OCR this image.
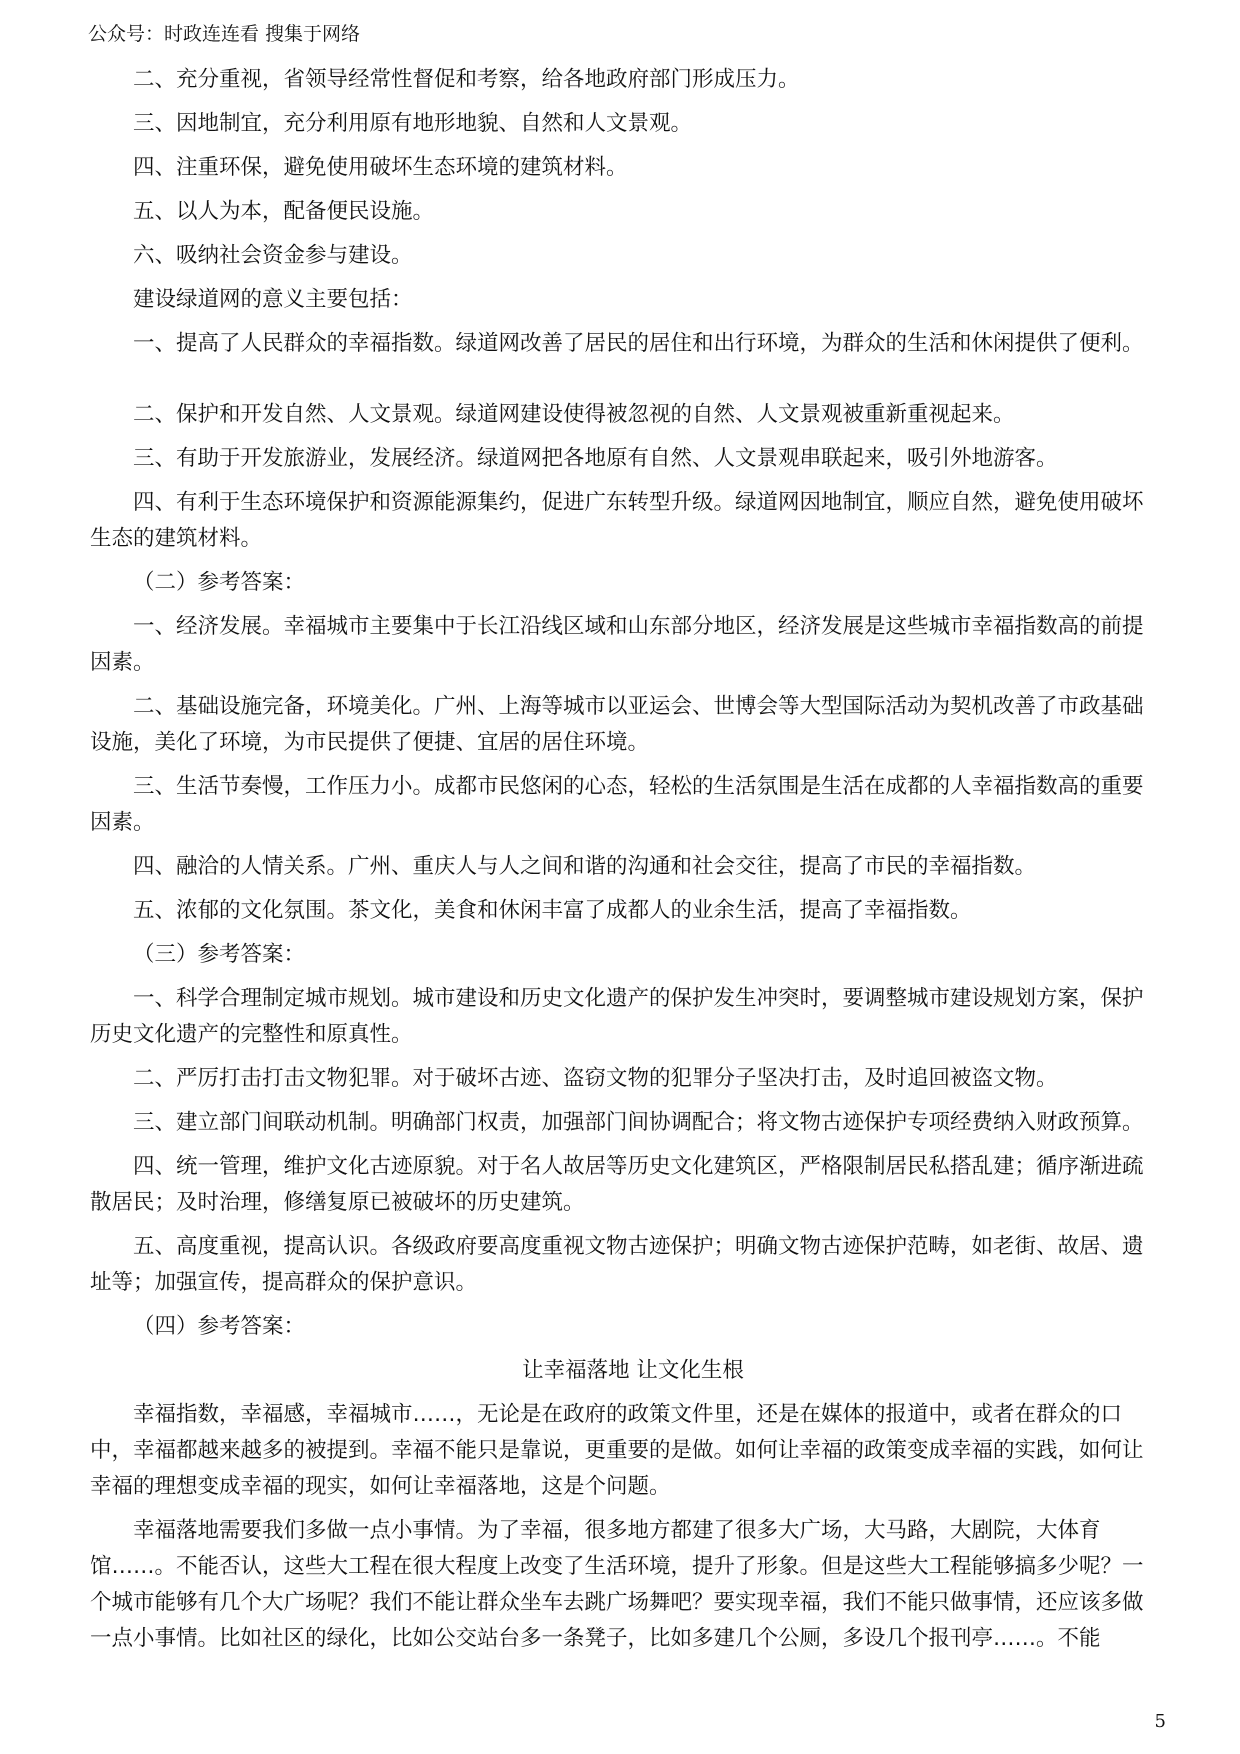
公众号：时政连连看 搜集于网络

二、充分重视，省领导经常性督促和考察，给各地政府部门形成压力。

三、因地制宜，充分利用原有地形地貌、自然和人文景观。

四、注重环保，避免使用破坏生态环境的建筑材料。

五、以人为本，配备便民设施。

六、吸纳社会资金参与建设。

建设绿道网的意义主要包括：

一、提高了人民群众的幸福指数。绿道网改善了居民的居住和出行环境，为群众的生活和休闲提供了便利。

二、保护和开发自然、人文景观。绿道网建设使得被忽视的自然、人文景观被重新重视起来。

三、有助于开发旅游业，发展经济。绿道网把各地原有自然、人文景观串联起来，吸引外地游客。

四、有利于生态环境保护和资源能源集约，促进广东转型升级。绿道网因地制宜，顺应自然，避免使用破坏生态的建筑材料。

（二）参考答案：

一、经济发展。幸福城市主要集中于长江沿线区域和山东部分地区，经济发展是这些城市幸福指数高的前提因素。

二、基础设施完备，环境美化。广州、上海等城市以亚运会、世博会等大型国际活动为契机改善了市政基础设施，美化了环境，为市民提供了便捷、宜居的居住环境。

三、生活节奏慢，工作压力小。成都市民悠闲的心态，轻松的生活氛围是生活在成都的人幸福指数高的重要因素。

四、融洽的人情关系。广州、重庆人与人之间和谐的沟通和社会交往，提高了市民的幸福指数。

五、浓郁的文化氛围。茶文化，美食和休闲丰富了成都人的业余生活，提高了幸福指数。

（三）参考答案：

一、科学合理制定城市规划。城市建设和历史文化遗产的保护发生冲突时，要调整城市建设规划方案，保护历史文化遗产的完整性和原真性。

二、严厉打击打击文物犯罪。对于破坏古迹、盗窃文物的犯罪分子坚决打击，及时追回被盗文物。

三、建立部门间联动机制。明确部门权责，加强部门间协调配合；将文物古迹保护专项经费纳入财政预算。

四、统一管理，维护文化古迹原貌。对于名人故居等历史文化建筑区，严格限制居民私搭乱建；循序渐进疏散居民；及时治理，修缮复原已被破坏的历史建筑。

五、高度重视，提高认识。各级政府要高度重视文物古迹保护；明确文物古迹保护范畴，如老街、故居、遗址等；加强宣传，提高群众的保护意识。

（四）参考答案：

让幸福落地 让文化生根

幸福指数，幸福感，幸福城市……，无论是在政府的政策文件里，还是在媒体的报道中，或者在群众的口中，幸福都越来越多的被提到。幸福不能只是靠说，更重要的是做。如何让幸福的政策变成幸福的实践，如何让幸福的理想变成幸福的现实，如何让幸福落地，这是个问题。

幸福落地需要我们多做一点小事情。为了幸福，很多地方都建了很多大广场，大马路，大剧院，大体育馆……。不能否认，这些大工程在很大程度上改变了生活环境，提升了形象。但是这些大工程能够搞多少呢？一个城市能够有几个大广场呢？我们不能让群众坐车去跳广场舞吧？要实现幸福，我们不能只做事情，还应该多做一点小事情。比如社区的绿化，比如公交站台多一条凳子，比如多建几个公厕，多设几个报刊亭……。不能

5
